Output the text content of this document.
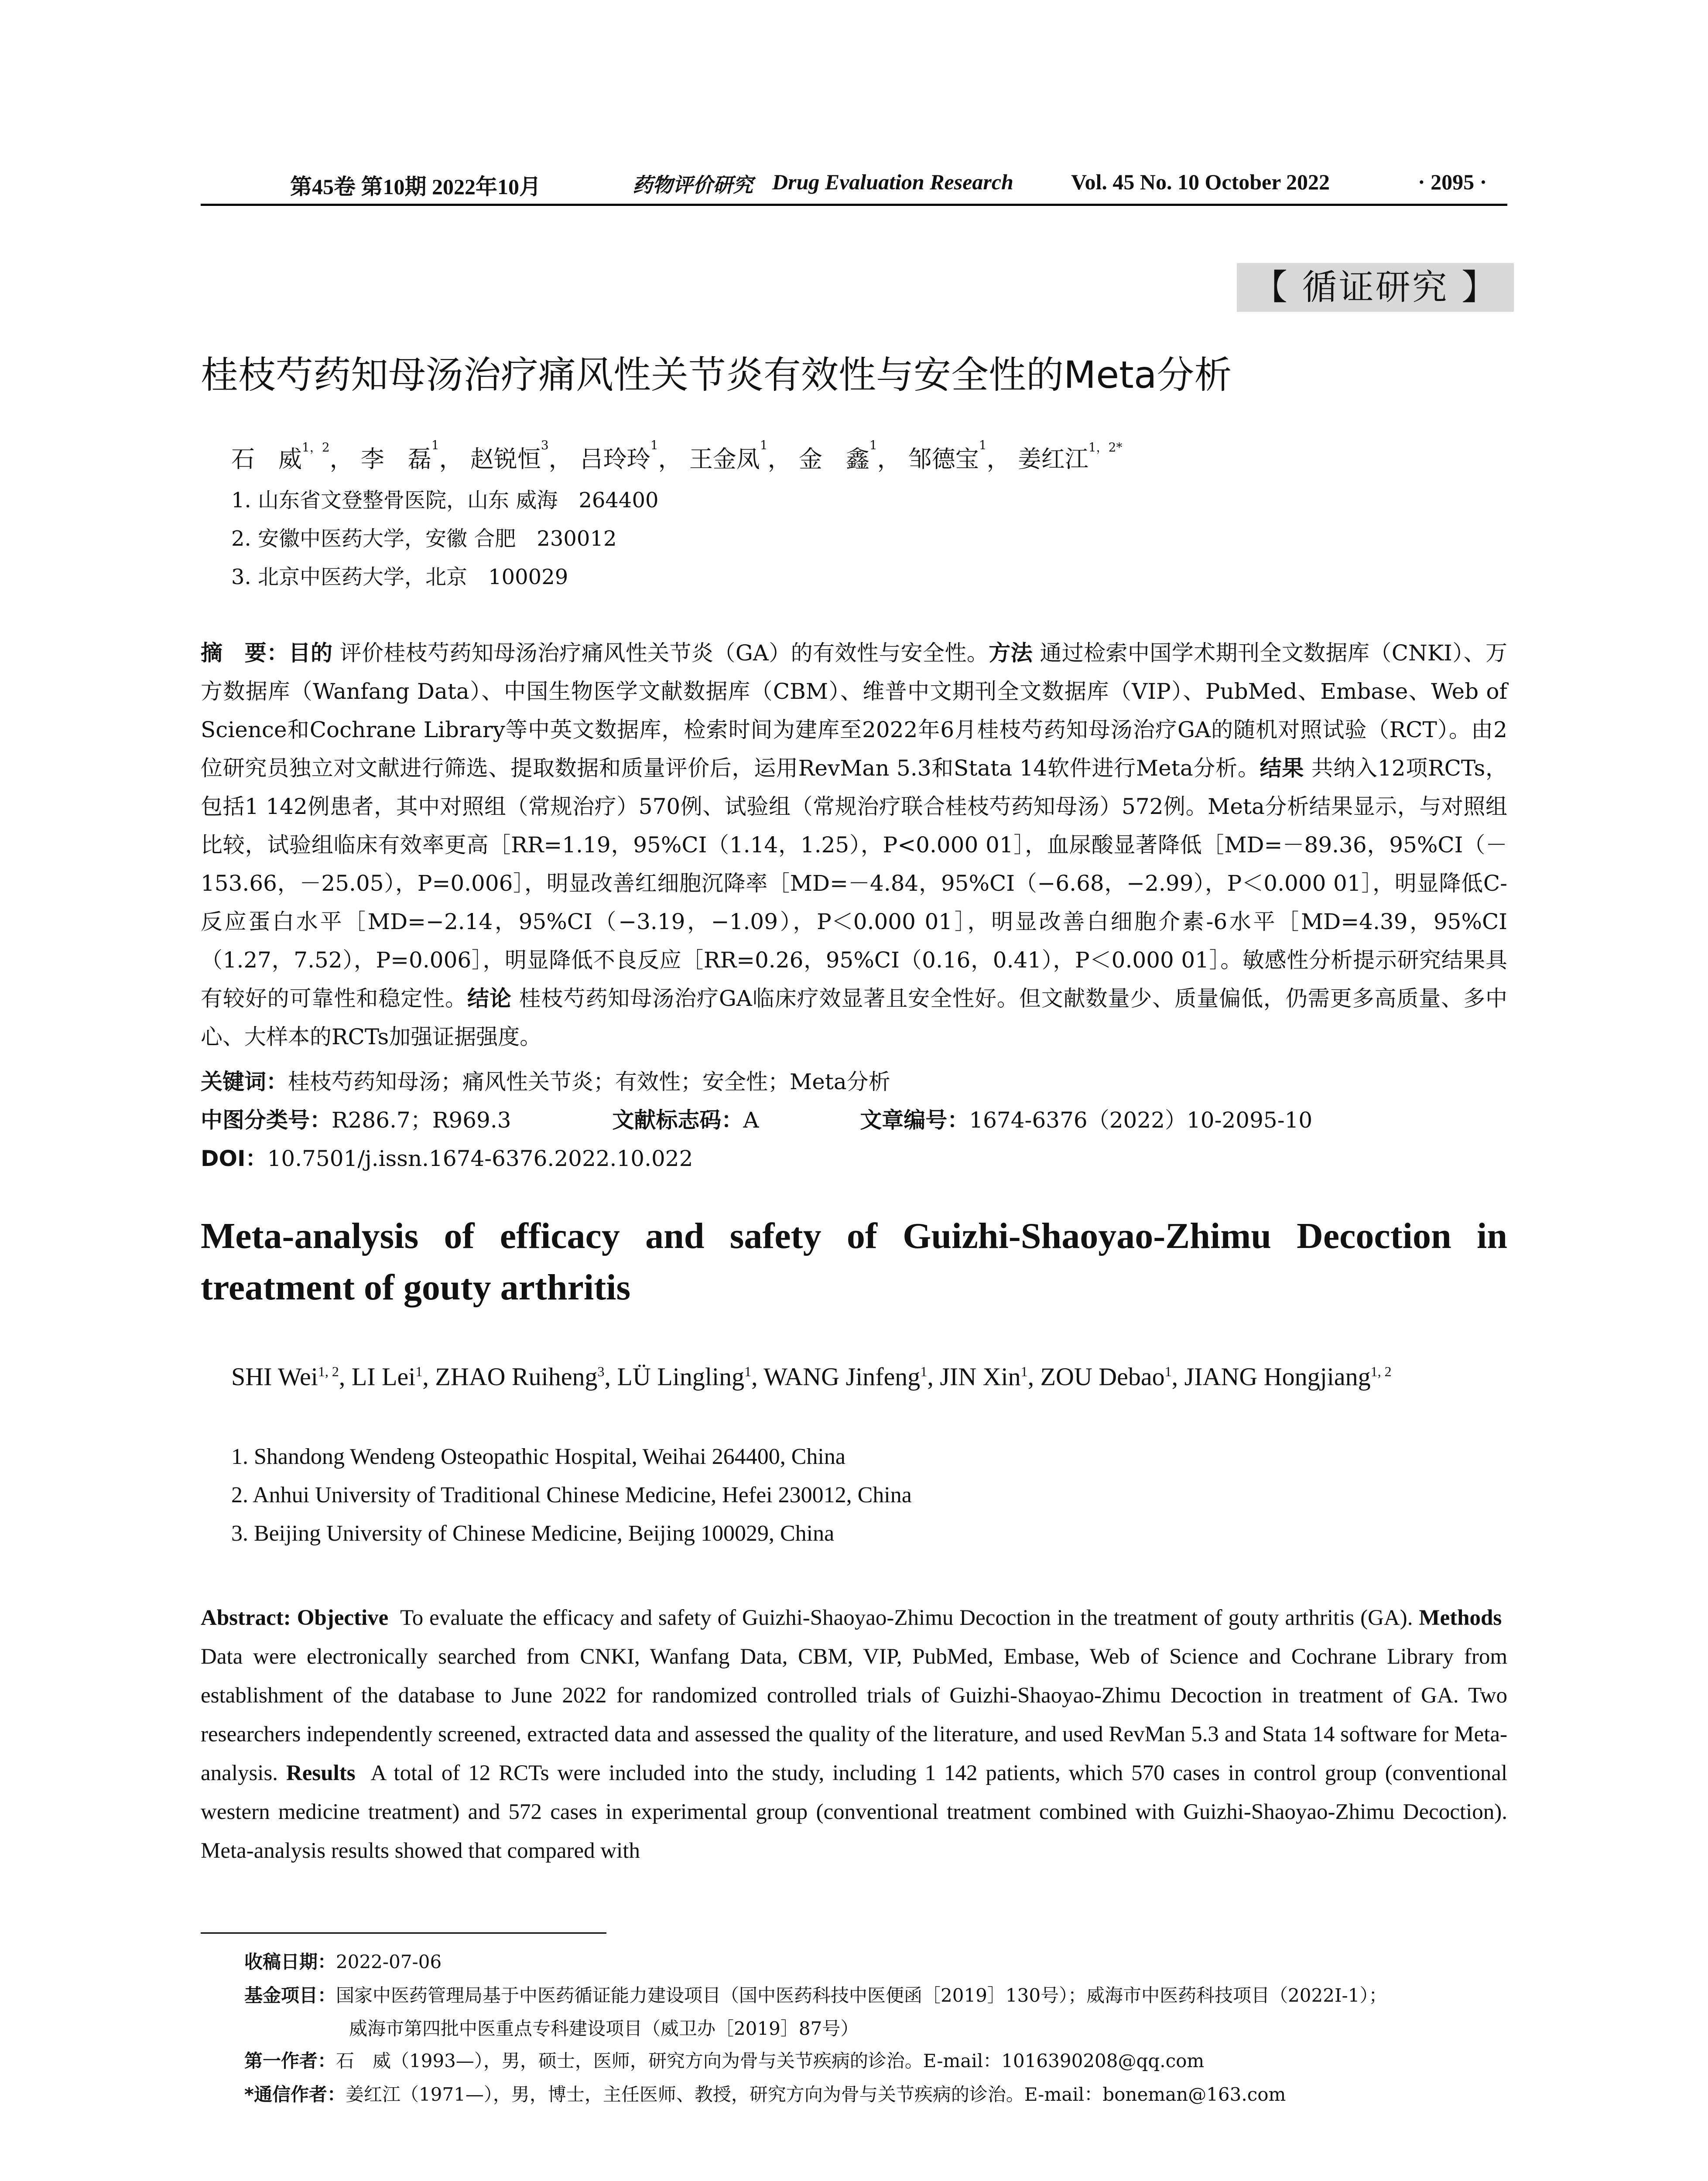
第45卷 第10期 2022年10月	药物评价研究 Drug Evaluation Research	Vol. 45 No. 10 October 2022	· 2095 ·
【 循证研究 】
桂枝芍药知母汤治疗痛风性关节炎有效性与安全性的Meta分析
石　威$^{1,2}$， 李　磊$^1$， 赵锐恒$^3$， 吕玲玲$^1$， 王金凤$^1$， 金　鑫$^1$， 邹德宝$^1$， 姜红江$^{1,2*}$
1. 山东省文登整骨医院，山东 威海　264400
2. 安徽中医药大学，安徽 合肥　230012
3. 北京中医药大学，北京　100029
摘　要：目的 评价桂枝芍药知母汤治疗痛风性关节炎（GA）的有效性与安全性。方法 通过检索中国学术期刊全文数据库（CNKI）、万方数据库（Wanfang Data）、中国生物医学文献数据库（CBM）、维普中文期刊全文数据库（VIP）、PubMed、Embase、Web of Science和Cochrane Library等中英文数据库，检索时间为建库至2022年6月桂枝芍药知母汤治疗GA的随机对照试验（RCT）。由2位研究员独立对文献进行筛选、提取数据和质量评价后，运用RevMan 5.3和Stata 14软件进行Meta分析。结果 共纳入12项RCTs，包括1 142例患者，其中对照组（常规治疗）570例、试验组（常规治疗联合桂枝芍药知母汤）572例。Meta分析结果显示，与对照组比较，试验组临床有效率更高［RR=1.19，95%CI（1.14，1.25），P<0.000 01］，血尿酸显著降低［MD=－89.36，95%CI（－153.66，－25.05），P=0.006］，明显改善红细胞沉降率［MD=－4.84，95%CI（−6.68，−2.99），P＜0.000 01］，明显降低C-反应蛋白水平［MD=−2.14，95%CI（−3.19，−1.09），P＜0.000 01］，明显改善白细胞介素-6水平［MD=4.39，95%CI（1.27，7.52），P=0.006］，明显降低不良反应［RR=0.26，95%CI（0.16，0.41），P＜0.000 01］。敏感性分析提示研究结果具有较好的可靠性和稳定性。结论 桂枝芍药知母汤治疗GA临床疗效显著且安全性好。但文献数量少、质量偏低，仍需更多高质量、多中心、大样本的RCTs加强证据强度。
关键词：桂枝芍药知母汤；痛风性关节炎；有效性；安全性；Meta分析
中图分类号：R286.7；R969.3	文献标志码：A	文章编号：1674-6376（2022）10-2095-10
DOI：10.7501/j.issn.1674-6376.2022.10.022
Meta-analysis of efficacy and safety of Guizhi-Shaoyao-Zhimu Decoction in treatment of gouty arthritis
SHI Wei$^{1, 2}$, LI Lei$^1$, ZHAO Ruiheng$^3$, LÜ Lingling$^1$, WANG Jinfeng$^1$, JIN Xin$^1$, ZOU Debao$^1$, JIANG Hongjiang$^{1, 2}$
1. Shandong Wendeng Osteopathic Hospital, Weihai 264400, China
2. Anhui University of Traditional Chinese Medicine, Hefei 230012, China
3. Beijing University of Chinese Medicine, Beijing 100029, China
Abstract: Objective To evaluate the efficacy and safety of Guizhi-Shaoyao-Zhimu Decoction in the treatment of gouty arthritis (GA). Methods  Data were electronically searched from CNKI, Wanfang Data, CBM, VIP, PubMed, Embase, Web of Science and Cochrane Library from establishment of the database to June 2022 for randomized controlled trials of Guizhi-Shaoyao-Zhimu Decoction in treatment of GA. Two researchers independently screened, extracted data and assessed the quality of the literature, and used RevMan 5.3 and Stata 14 software for Meta-analysis. Results A total of 12 RCTs were included into the study, including 1 142 patients, which 570 cases in control group (conventional western medicine treatment) and 572 cases in experimental group (conventional treatment combined with Guizhi-Shaoyao-Zhimu Decoction). Meta-analysis results showed that compared with
收稿日期：2022-07-06
基金项目：国家中医药管理局基于中医药循证能力建设项目（国中医药科技中医便函［2019］130号）；威海市中医药科技项目（2022I-1）；
威海市第四批中医重点专科建设项目（威卫办［2019］87号）
第一作者：石　威（1993—），男，硕士，医师，研究方向为骨与关节疾病的诊治。E-mail：1016390208@qq.com
*通信作者：姜红江（1971—），男，博士，主任医师、教授，研究方向为骨与关节疾病的诊治。E-mail：boneman@163.com
